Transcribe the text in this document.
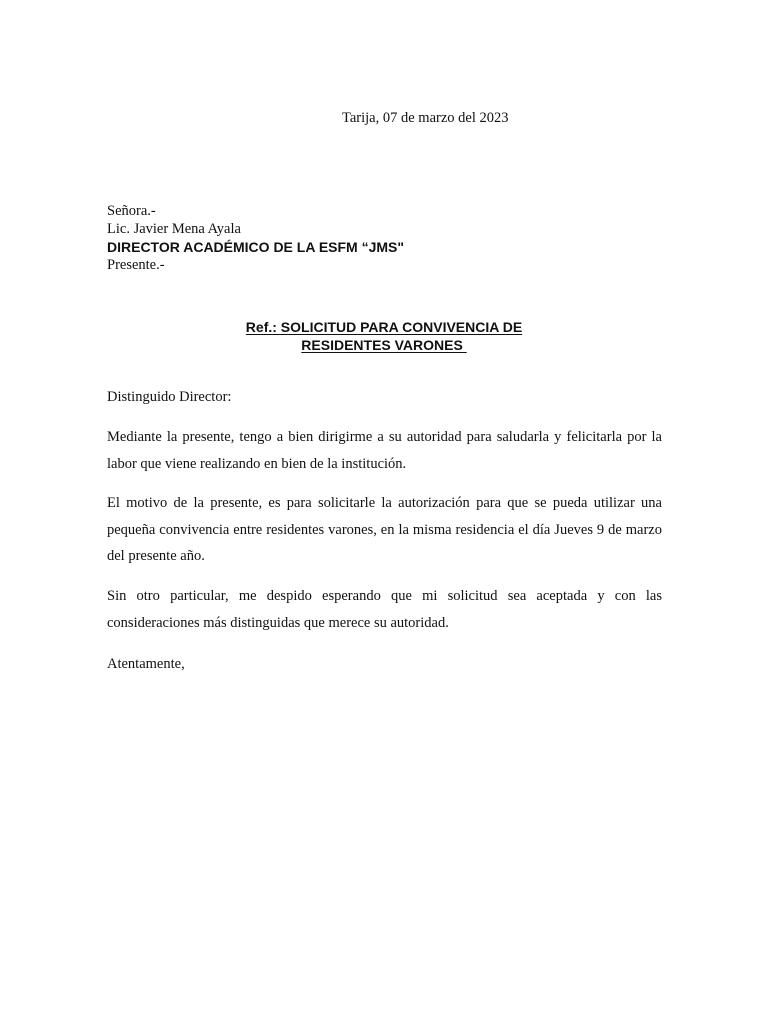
Tarija, 07 de marzo del 2023
Señora.-
Lic. Javier Mena Ayala
DIRECTOR ACADÉMICO DE LA ESFM “JMS"
Presente.-
Ref.: SOLICITUD PARA CONVIVENCIA DE
RESIDENTES VARONES
Distinguido Director:
Mediante la presente, tengo a bien dirigirme a su autoridad para saludarla y felicitarla por la labor que viene realizando en bien de la institución.
El motivo de la presente, es para solicitarle la autorización para que se pueda utilizar una pequeña convivencia entre residentes varones, en la misma residencia el día Jueves 9 de marzo del presente año.
Sin otro particular, me despido esperando que mi solicitud sea aceptada y con las consideraciones más distinguidas que merece su autoridad.
Atentamente,
